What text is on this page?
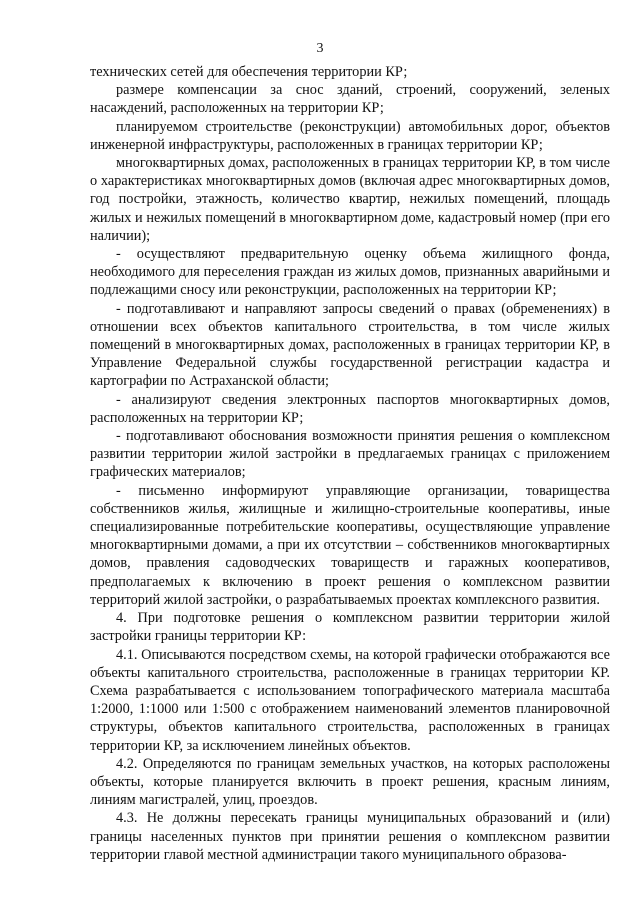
3

технических сетей для обеспечения территории КР;

размере компенсации за снос зданий, строений, сооружений, зеленых насаждений, расположенных на территории КР;

планируемом строительстве (реконструкции) автомобильных дорог, объектов инженерной инфраструктуры, расположенных в границах территории КР;

многоквартирных домах, расположенных в границах территории КР, в том числе о характеристиках многоквартирных домов (включая адрес многоквартирных домов, год постройки, этажность, количество квартир, нежилых помещений, площадь жилых и нежилых помещений в многоквартирном доме, кадастровый номер (при его наличии);

- осуществляют предварительную оценку объема жилищного фонда, необходимого для переселения граждан из жилых домов, признанных аварийными и подлежащими сносу или реконструкции, расположенных на территории КР;

- подготавливают и направляют запросы сведений о правах (обременениях) в отношении всех объектов капитального строительства, в том числе жилых помещений в многоквартирных домах, расположенных в границах территории КР, в Управление Федеральной службы государственной регистрации кадастра и картографии по Астраханской области;

- анализируют сведения электронных паспортов многоквартирных домов, расположенных на территории КР;

- подготавливают обоснования возможности принятия решения о комплексном развитии территории жилой застройки в предлагаемых границах с приложением графических материалов;

- письменно информируют управляющие организации, товарищества собственников жилья, жилищные и жилищно-строительные кооперативы, иные специализированные потребительские кооперативы, осуществляющие управление многоквартирными домами, а при их отсутствии – собственников многоквартирных домов, правления садоводческих товариществ и гаражных кооперативов, предполагаемых к включению в проект решения о комплексном развитии территорий жилой застройки, о разрабатываемых проектах комплексного развития.

4. При подготовке решения о комплексном развитии территории жилой застройки границы территории КР:

4.1. Описываются посредством схемы, на которой графически отображаются все объекты капитального строительства, расположенные в границах территории КР. Схема разрабатывается с использованием топографического материала масштаба 1:2000, 1:1000 или 1:500 с отображением наименований элементов планировочной структуры, объектов капитального строительства, расположенных в границах территории КР, за исключением линейных объектов.

4.2. Определяются по границам земельных участков, на которых расположены объекты, которые планируется включить в проект решения, красным линиям, линиям магистралей, улиц, проездов.

4.3. Не должны пересекать границы муниципальных образований и (или) границы населенных пунктов при принятии решения о комплексном развитии территории главой местной администрации такого муниципального образова-
